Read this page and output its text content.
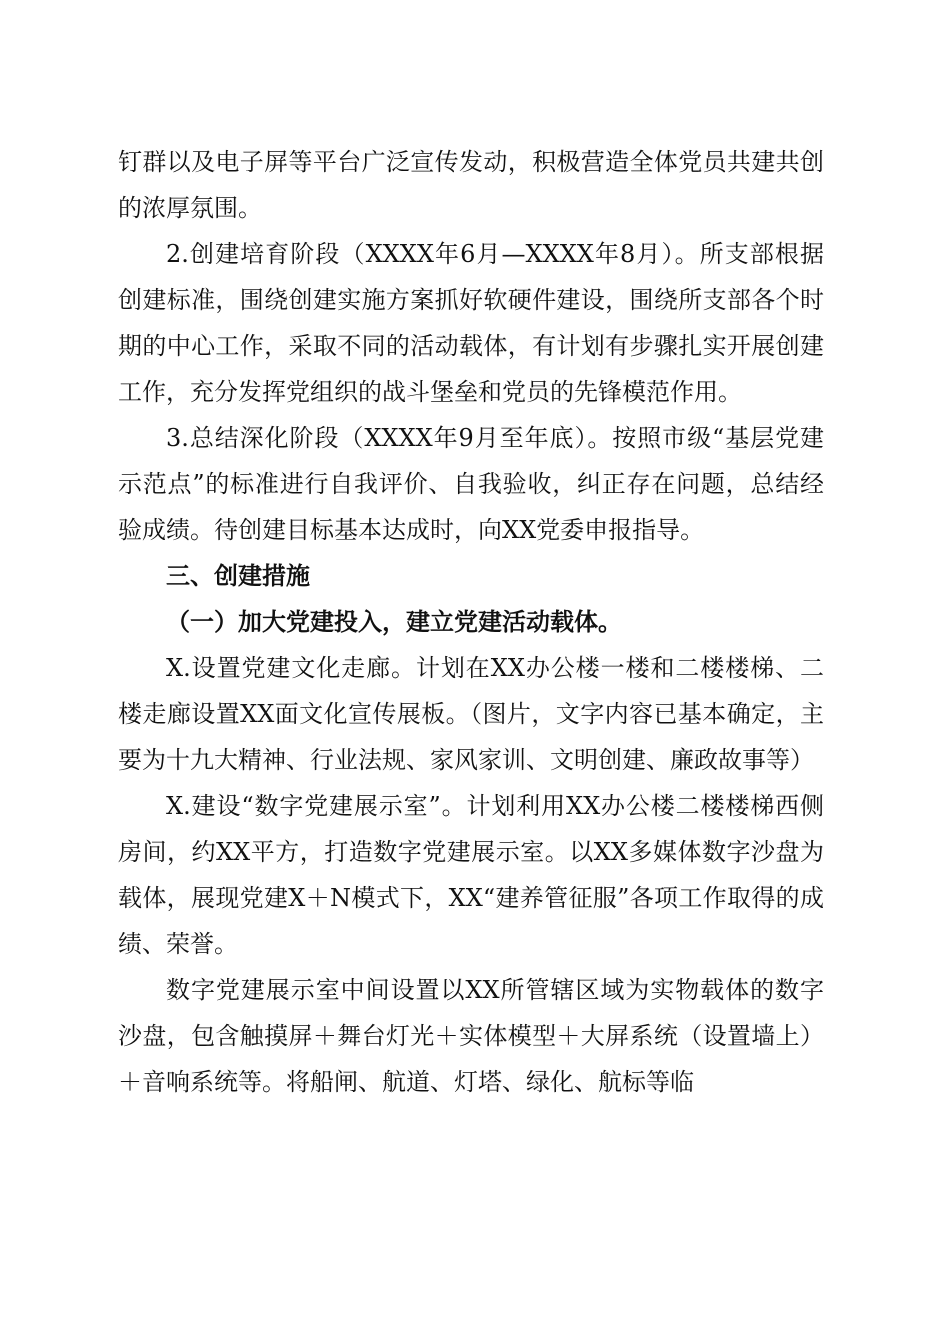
钉群以及电子屏等平台广泛宣传发动，积极营造全体党员共建共创的浓厚氛围。

2.创建培育阶段（XXXX年6月—XXXX年8月）。所支部根据创建标准，围绕创建实施方案抓好软硬件建设，围绕所支部各个时期的中心工作，采取不同的活动载体，有计划有步骤扎实开展创建工作，充分发挥党组织的战斗堡垒和党员的先锋模范作用。

3.总结深化阶段（XXXX年9月至年底）。按照市级“基层党建示范点”的标准进行自我评价、自我验收，纠正存在问题，总结经验成绩。待创建目标基本达成时，向XX党委申报指导。

三、创建措施

（一）加大党建投入，建立党建活动载体。

X.设置党建文化走廊。计划在XX办公楼一楼和二楼楼梯、二楼走廊设置XX面文化宣传展板。（图片，文字内容已基本确定，主要为十九大精神、行业法规、家风家训、文明创建、廉政故事等）

X.建设“数字党建展示室”。计划利用XX办公楼二楼楼梯西侧房间，约XX平方，打造数字党建展示室。以XX多媒体数字沙盘为载体，展现党建X＋N模式下，XX“建养管征服”各项工作取得的成绩、荣誉。

数字党建展示室中间设置以XX所管辖区域为实物载体的数字沙盘，包含触摸屏＋舞台灯光＋实体模型＋大屏系统（设置墙上）＋音响系统等。将船闸、航道、灯塔、绿化、航标等临
